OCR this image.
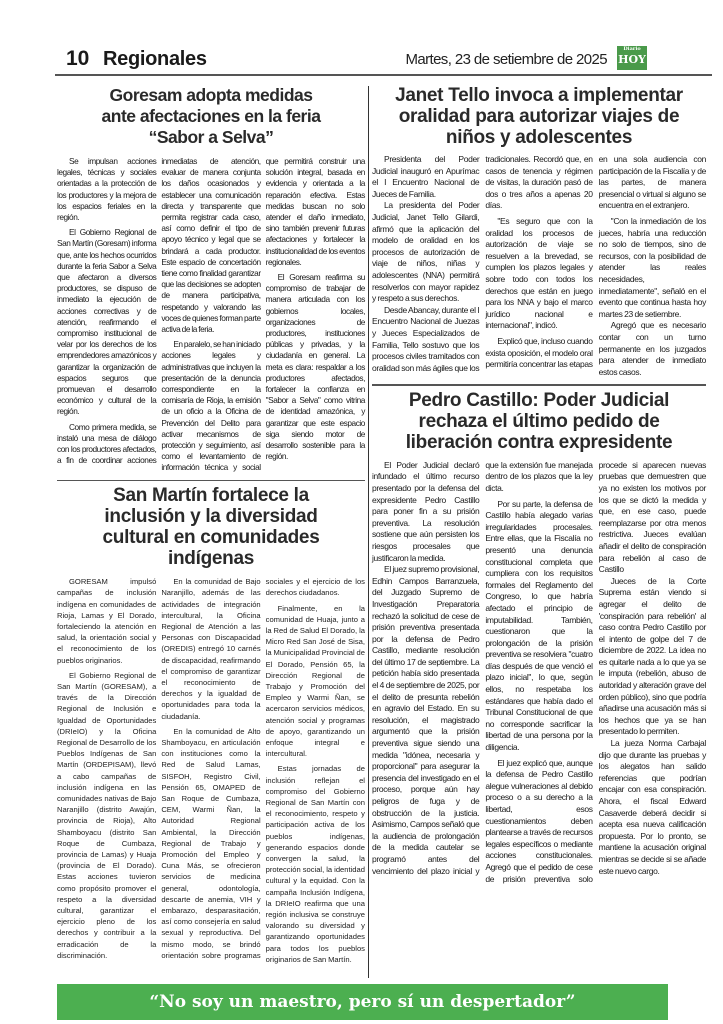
10 Regionales	Martes, 23 de setiembre de 2025
Diario
HOY
Goresam adopta medidas ante afectaciones en la feria “Sabor a Selva”

Se impulsan acciones legales, técnicas y sociales orientadas a la protección de los productores y la mejora de los espacios feriales en la región.

El Gobierno Regional de San Martín (Goresam) informa que, ante los hechos ocurridos durante la feria Sabor a Selva que afectaron a diversos productores, se dispuso de inmediato la ejecución de acciones correctivas y de atención, reafirmando el compromiso institucional de velar por los derechos de los emprendedores amazónicos y garantizar la organización de espacios seguros que promuevan el desarrollo económico y cultural de la región.

Como primera medida, se instaló una mesa de diálogo con los productores afectados, a fin de coordinar acciones inmediatas de atención, evaluar de manera conjunta los daños ocasionados y establecer una comunicación directa y transparente que permita registrar cada caso, así como definir el tipo de apoyo técnico y legal que se brindará a cada productor. Este espacio de concertación tiene como finalidad garantizar que las decisiones se adopten de manera participativa, respetando y valorando las voces de quienes forman parte activa de la feria.

En paralelo, se han iniciado acciones legales y administrativas que incluyen la presentación de la denuncia correspondiente en la comisaría de Rioja, la emisión de un oficio a la Oficina de Prevención del Delito para activar mecanismos de protección y seguimiento, así como el levantamiento de información técnica y social que permitirá construir una solución integral, basada en evidencia y orientada a la reparación efectiva. Estas medidas buscan no solo atender el daño inmediato, sino también prevenir futuras afectaciones y fortalecer la institucionalidad de los eventos regionales.

El Goresam reafirma su compromiso de trabajar de manera articulada con los gobiernos locales, organizaciones de productores, instituciones públicas y privadas, y la ciudadanía en general. La meta es clara: respaldar a los productores afectados, fortalecer la confianza en "Sabor a Selva" como vitrina de identidad amazónica, y garantizar que este espacio siga siendo motor de desarrollo sostenible para la región.

San Martín fortalece la inclusión y la diversidad cultural en comunidades indígenas

GORESAM impulsó campañas de inclusión indígena en comunidades de Rioja, Lamas y El Dorado, fortaleciendo la atención en salud, la orientación social y el reconocimiento de los pueblos originarios.

El Gobierno Regional de San Martín (GORESAM), a través de la Dirección Regional de Inclusión e Igualdad de Oportunidades (DRIeIO) y la Oficina Regional de Desarrollo de los Pueblos Indígenas de San Martín (ORDEPISAM), llevó a cabo campañas de inclusión indígena en las comunidades nativas de Bajo Naranjillo (distrito Awajún, provincia de Rioja), Alto Shamboyacu (distrito San Roque de Cumbaza, provincia de Lamas) y Huaja (provincia de El Dorado). Estas acciones tuvieron como propósito promover el respeto a la diversidad cultural, garantizar el ejercicio pleno de los derechos y contribuir a la erradicación de la discriminación.

En la comunidad de Bajo Naranjillo, además de las actividades de integración intercultural, la Oficina Regional de Atención a las Personas con Discapacidad (OREDIS) entregó 10 carnés de discapacidad, reafirmando el compromiso de garantizar el reconocimiento de derechos y la igualdad de oportunidades para toda la ciudadanía.

En la comunidad de Alto Shamboyacu, en articulación con instituciones como la Red de Salud Lamas, SISFOH, Registro Civil, Pensión 65, OMAPED de San Roque de Cumbaza, CEM, Warmi Ñan, la Autoridad Regional Ambiental, la Dirección Regional de Trabajo y Promoción del Empleo y Cuna Más, se ofrecieron servicios de medicina general, odontología, descarte de anemia, VIH y embarazo, desparasitación, así como consejería en salud sexual y reproductiva. Del mismo modo, se brindó orientación sobre programas sociales y el ejercicio de los derechos ciudadanos.

Finalmente, en la comunidad de Huaja, junto a la Red de Salud El Dorado, la Micro Red San José de Sisa, la Municipalidad Provincial de El Dorado, Pensión 65, la Dirección Regional de Trabajo y Promoción del Empleo y Warmi Ñan, se acercaron servicios médicos, atención social y programas de apoyo, garantizando un enfoque integral e intercultural.

Estas jornadas de inclusión reflejan el compromiso del Gobierno Regional de San Martín con el reconocimiento, respeto y participación activa de los pueblos indígenas, generando espacios donde convergen la salud, la protección social, la identidad cultural y la equidad. Con la campaña Inclusión Indígena, la DRIeIO reafirma que una región inclusiva se construye valorando su diversidad y garantizando oportunidades para todos los pueblos originarios de San Martín.

Janet Tello invoca a implementar oralidad para autorizar viajes de niños y adolescentes

Presidenta del Poder Judicial inauguró en Apurímac el I Encuentro Nacional de Jueces de Familia.

La presidenta del Poder Judicial, Janet Tello Gilardi, afirmó que la aplicación del modelo de oralidad en los procesos de autorización de viaje de niños, niñas y adolescentes (NNA) permitirá resolverlos con mayor rapidez y respeto a sus derechos.

Desde Abancay, durante el I Encuentro Nacional de Juezas y Jueces Especializados de Familia, Tello sostuvo que los procesos civiles tramitados con oralidad son más ágiles que los tradicionales. Recordó que, en casos de tenencia y régimen de visitas, la duración pasó de dos o tres años a apenas 20 días.

"Es seguro que con la oralidad los procesos de autorización de viaje se resuelven a la brevedad, se cumplen los plazos legales y sobre todo con todos los derechos que están en juego para los NNA y bajo el marco jurídico nacional e internacional", indicó.

Explicó que, incluso cuando exista oposición, el modelo oral permitiría concentrar las etapas en una sola audiencia con participación de la Fiscalía y de las partes, de manera presencial o virtual si alguno se encuentra en el extranjero.

"Con la inmediación de los jueces, habría una reducción no solo de tiempos, sino de recursos, con la posibilidad de atender las reales necesidades, inmediatamente", señaló en el evento que continua hasta hoy martes 23 de setiembre.

Agregó que es necesario contar con un turno permanente en los juzgados para atender de inmediato estos casos.

Pedro Castillo: Poder Judicial rechaza el último pedido de liberación contra expresidente

El Poder Judicial declaró infundado el último recurso presentado por la defensa del expresidente Pedro Castillo para poner fin a su prisión preventiva. La resolución sostiene que aún persisten los riesgos procesales que justificaron la medida.

El juez supremo provisional, Edhin Campos Barranzuela, del Juzgado Supremo de Investigación Preparatoria rechazó la solicitud de cese de prisión preventiva presentada por la defensa de Pedro Castillo, mediante resolución del último 17 de septiembre. La petición había sido presentada el 4 de septiembre de 2025, por el delito de presunta rebelión en agravio del Estado. En su resolución, el magistrado argumentó que la prisión preventiva sigue siendo una medida "idónea, necesaria y proporcional" para asegurar la presencia del investigado en el proceso, porque aún hay peligros de fuga y de obstrucción de la justicia. Asimismo, Campos señaló que la audiencia de prolongación de la medida cautelar se programó antes del vencimiento del plazo inicial y que la extensión fue manejada dentro de los plazos que la ley dicta.

Por su parte, la defensa de Castillo había alegado varias irregularidades procesales. Entre ellas, que la Fiscalía no presentó una denuncia constitucional completa que cumpliera con los requisitos formales del Reglamento del Congreso, lo que habría afectado el principio de imputabilidad. También, cuestionaron que la prolongación de la prisión preventiva se resolviera "cuatro días después de que venció el plazo inicial", lo que, según ellos, no respetaba los estándares que había dado el Tribunal Constitucional de que no corresponde sacrificar la libertad de una persona por la diligencia.

El juez explicó que, aunque la defensa de Pedro Castillo alegue vulneraciones al debido proceso o a su derecho a la libertad, esos cuestionamientos deben plantearse a través de recursos legales específicos o mediante acciones constitucionales. Agregó que el pedido de cese de prisión preventiva solo procede si aparecen nuevas pruebas que demuestren que ya no existen los motivos por los que se dictó la medida y que, en ese caso, puede reemplazarse por otra menos restrictiva. Jueces evalúan añadir el delito de conspiración para rebelión al caso de Castillo

Jueces de la Corte Suprema están viendo si agregar el delito de 'conspiración para rebelión' al caso contra Pedro Castillo por el intento de golpe del 7 de diciembre de 2022. La idea no es quitarle nada a lo que ya se le imputa (rebelión, abuso de autoridad y alteración grave del orden público), sino que podría añadirse una acusación más si los hechos que ya se han presentado lo permiten.

La jueza Norma Carbajal dijo que durante las pruebas y los alegatos han salido referencias que podrían encajar con esa conspiración. Ahora, el fiscal Edward Casaverde deberá decidir si acepta esa nueva calificación propuesta. Por lo pronto, se mantiene la acusación original mientras se decide si se añade este nuevo cargo.

“No soy un maestro, pero sí un despertador”
